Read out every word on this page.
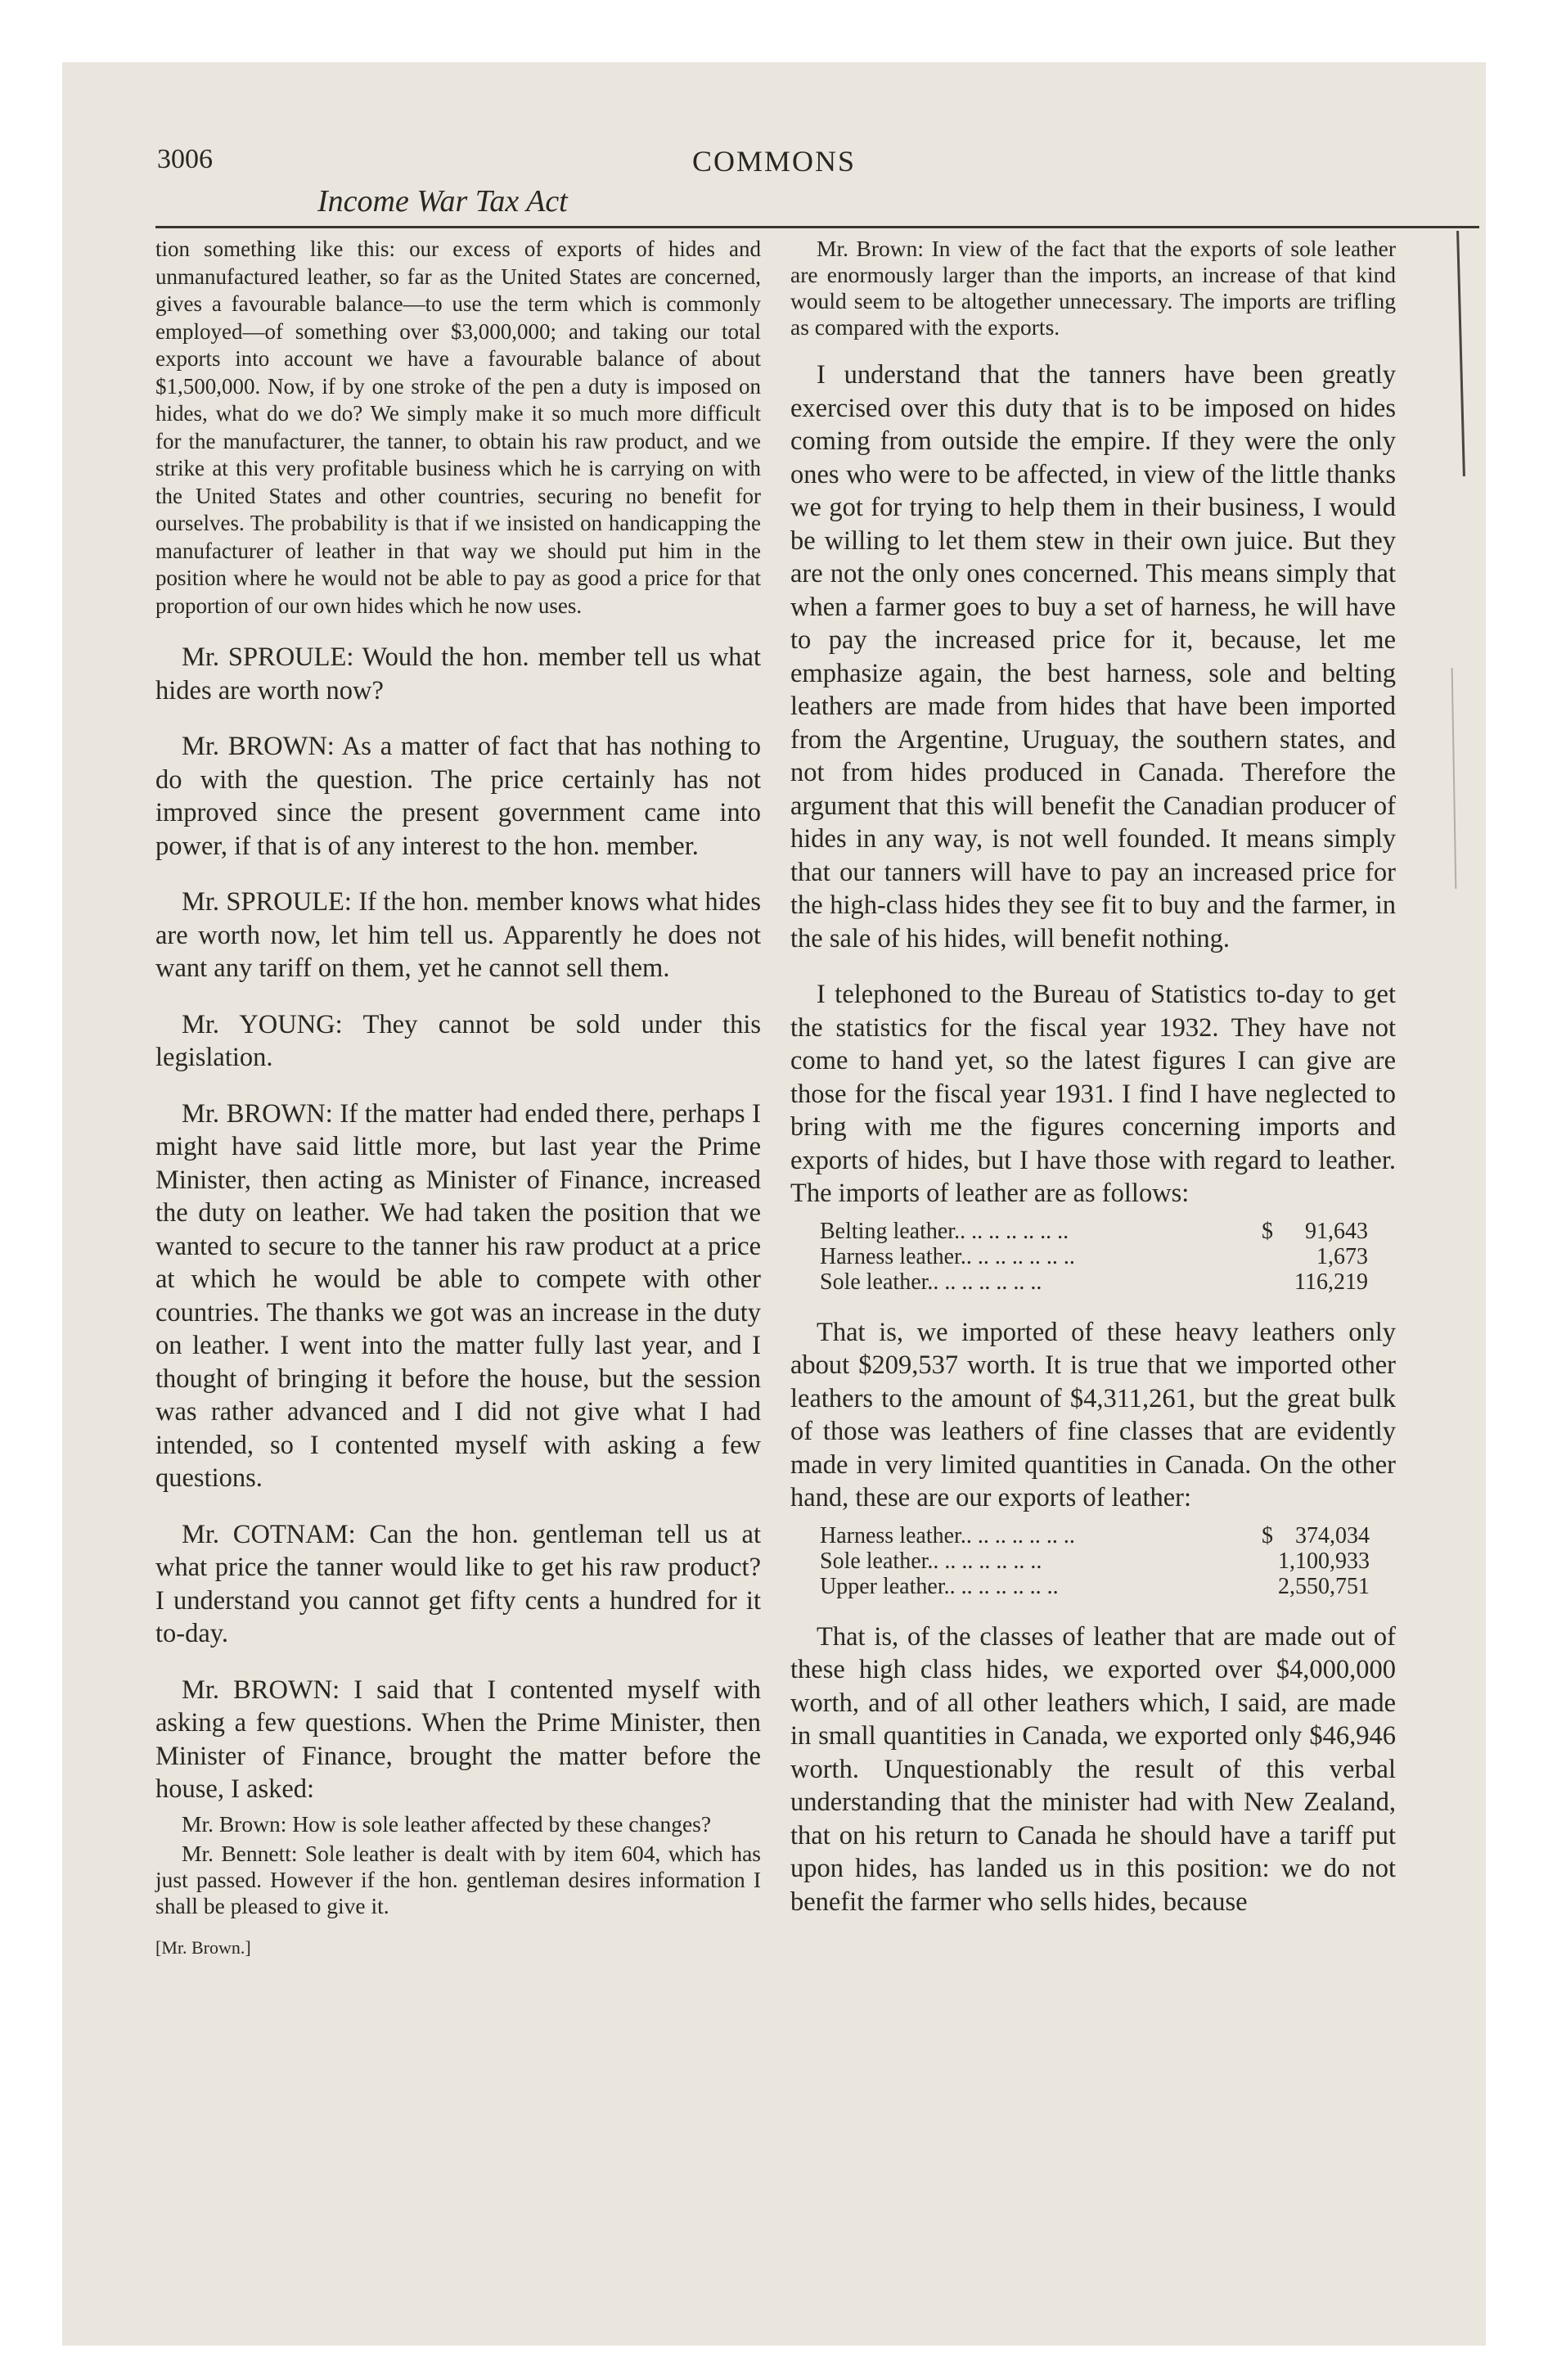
3006	COMMONS
Income War Tax Act

tion something like this: our excess of exports of hides and unmanufactured leather, so far as the United States are concerned, gives a favourable balance—to use the term which is commonly employed—of something over $3,000,000; and taking our total exports into account we have a favourable balance of about $1,500,000. Now, if by one stroke of the pen a duty is imposed on hides, what do we do? We simply make it so much more difficult for the manufacturer, the tanner, to obtain his raw product, and we strike at this very profitable business which he is carrying on with the United States and other countries, securing no benefit for ourselves. The probability is that if we insisted on handicapping the manufacturer of leather in that way we should put him in the position where he would not be able to pay as good a price for that proportion of our own hides which he now uses.

Mr. SPROULE: Would the hon. member tell us what hides are worth now?

Mr. BROWN: As a matter of fact that has nothing to do with the question. The price certainly has not improved since the present government came into power, if that is of any interest to the hon. member.

Mr. SPROULE: If the hon. member knows what hides are worth now, let him tell us. Apparently he does not want any tariff on them, yet he cannot sell them.

Mr. YOUNG: They cannot be sold under this legislation.

Mr. BROWN: If the matter had ended there, perhaps I might have said little more, but last year the Prime Minister, then acting as Minister of Finance, increased the duty on leather. We had taken the position that we wanted to secure to the tanner his raw product at a price at which he would be able to compete with other countries. The thanks we got was an increase in the duty on leather. I went into the matter fully last year, and I thought of bringing it before the house, but the session was rather advanced and I did not give what I had intended, so I contented myself with asking a few questions.

Mr. COTNAM: Can the hon. gentleman tell us at what price the tanner would like to get his raw product? I understand you cannot get fifty cents a hundred for it to-day.

Mr. BROWN: I said that I contented myself with asking a few questions. When the Prime Minister, then Minister of Finance, brought the matter before the house, I asked:

Mr. Brown: How is sole leather affected by these changes?

Mr. Bennett: Sole leather is dealt with by item 604, which has just passed. However if the hon. gentleman desires information I shall be pleased to give it.

[Mr. Brown.]

Mr. Brown: In view of the fact that the exports of sole leather are enormously larger than the imports, an increase of that kind would seem to be altogether unnecessary. The imports are trifling as compared with the exports.

I understand that the tanners have been greatly exercised over this duty that is to be imposed on hides coming from outside the empire. If they were the only ones who were to be affected, in view of the little thanks we got for trying to help them in their business, I would be willing to let them stew in their own juice. But they are not the only ones concerned. This means simply that when a farmer goes to buy a set of harness, he will have to pay the increased price for it, because, let me emphasize again, the best harness, sole and belting leathers are made from hides that have been imported from the Argentine, Uruguay, the southern states, and not from hides produced in Canada. Therefore the argument that this will benefit the Canadian producer of hides in any way, is not well founded. It means simply that our tanners will have to pay an increased price for the high-class hides they see fit to buy and the farmer, in the sale of his hides, will benefit nothing.

I telephoned to the Bureau of Statistics to-day to get the statistics for the fiscal year 1932. They have not come to hand yet, so the latest figures I can give are those for the fiscal year 1931. I find I have neglected to bring with me the figures concerning imports and exports of hides, but I have those with regard to leather. The imports of leather are as follows:

Belting leather.. .. .. .. .. .. ..	$	91,643
Harness leather.. .. .. .. .. .. ..		1,673
Sole leather.. .. .. .. .. .. ..		116,219

That is, we imported of these heavy leathers only about $209,537 worth. It is true that we imported other leathers to the amount of $4,311,261, but the great bulk of those was leathers of fine classes that are evidently made in very limited quantities in Canada. On the other hand, these are our exports of leather:

Harness leather.. .. .. .. .. .. ..	$	374,034
Sole leather.. .. .. .. .. .. ..		1,100,933
Upper leather.. .. .. .. .. .. ..		2,550,751

That is, of the classes of leather that are made out of these high class hides, we exported over $4,000,000 worth, and of all other leathers which, I said, are made in small quantities in Canada, we exported only $46,946 worth. Unquestionably the result of this verbal understanding that the minister had with New Zealand, that on his return to Canada he should have a tariff put upon hides, has landed us in this position: we do not benefit the farmer who sells hides, because
